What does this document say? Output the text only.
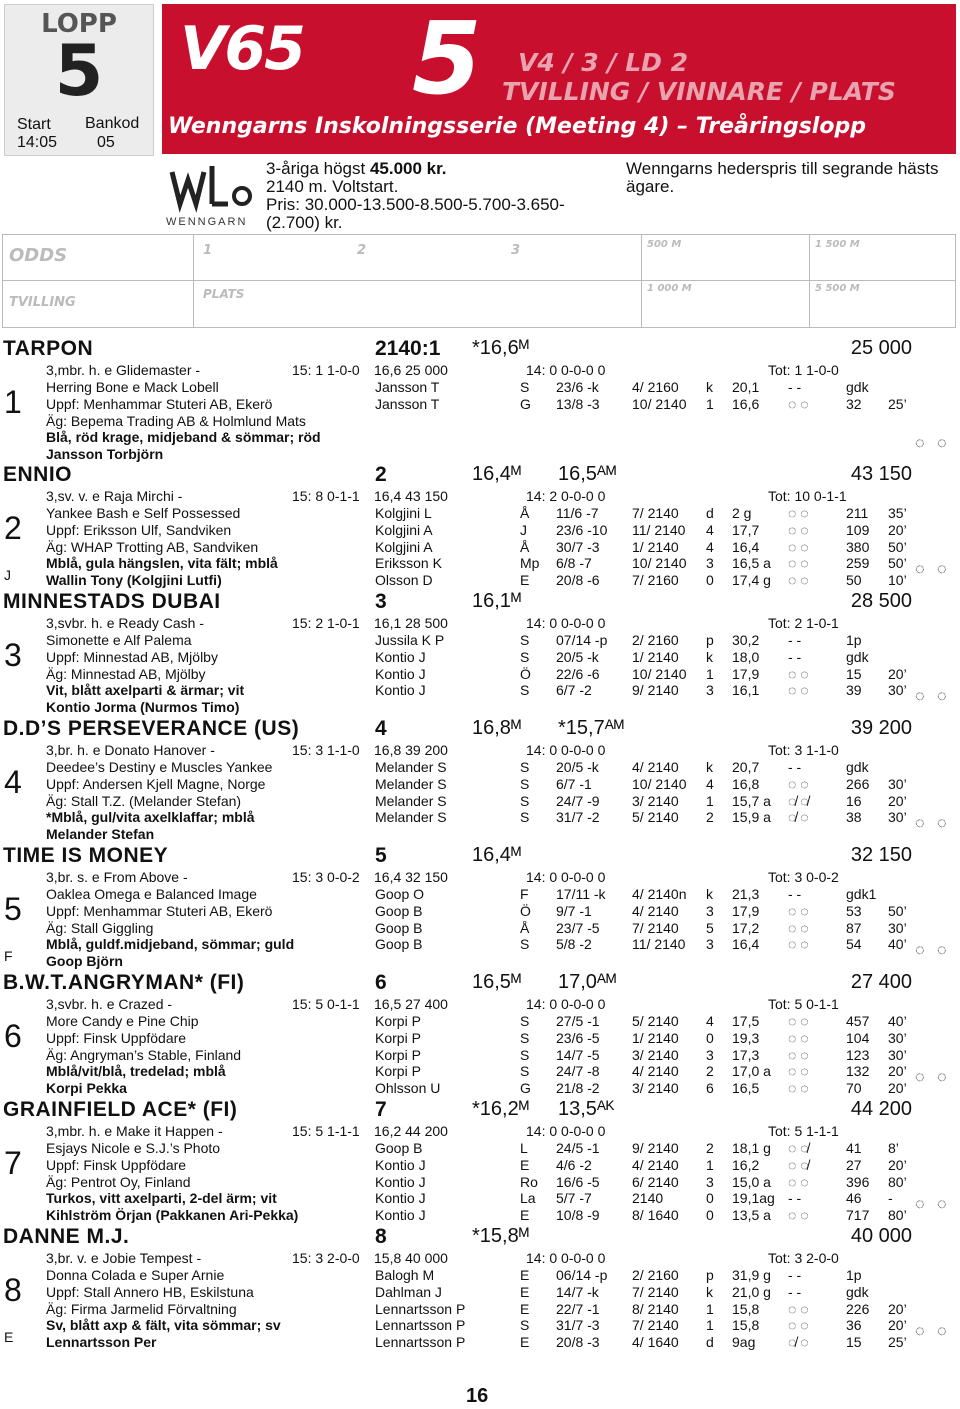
LOPP
5
Start
14:05
Bankod
05
V65 5 V4 / 3 / LD 2
TVILLING / VINNARE / PLATS
Wenngarns Inskolningsserie (Meeting 4) – Treåringslopp
WENNGARN
3-åriga högst 45.000 kr.
2140 m. Voltstart.
Pris: 30.000-13.500-8.500-5.700-3.650-
(2.700) kr.
Wenngarns hederspris till segrande hästs ägare.
ODDS	1	2	3	500 M	1 500 M
TVILLING
PLATS	1 000 M	5 500 M
TARPON	2140:1 *16,6ᴹ	25 000
3,mbr. h. e Glidemaster -	15: 1 1-0-0 16,6 25 000	14: 0 0-0-0 0	Tot: 1 1-0-0
1 Herring Bone e Mack Lobell
Uppf: Menhammar Stuteri AB, Ekerö
Äg: Bepema Trading AB & Holmlund Mats
Blå, röd krage, midjeband & sömmar; röd
Jansson Torbjörn
Jansson T	S 23/6 -k 4/ 2160 k 20,1 - -	gdk
Jansson T	G 13/8 -3 10/ 2140 1 16,6 ◌ ◌	32 25’
◌ ◌
ENNIO	2	16,4ᴹ 16,5ᴬᴹ	43 150
3,sv. v. e Raja Mirchi -	15: 8 0-1-1 16,4 43 150	14: 2 0-0-0 0	Tot: 10 0-1-1
2
J
Yankee Bash e Self Possessed
Uppf: Eriksson Ulf, Sandviken
Äg: WHAP Trotting AB, Sandviken
Mblå, gula hängslen, vita fält; mblå
Wallin Tony (Kolgjini Lutfi)
Kolgjini L	Å 11/6 -7 7/ 2140 d 2 g	◌ ◌	211 35’
Kolgjini A	J 23/6 -10 11/ 2140 4 17,7 ◌ ◌	109 20’
Kolgjini A	Å 30/7 -3 1/ 2140 4 16,4 ◌ ◌	380 50’
Eriksson K	Mp 6/8 -7	10/ 2140 3 16,5 a ◌ ◌	259 50’
Olsson D	E 20/8 -6 7/ 2160 0 17,4 g ◌ ◌	50 10’
◌ ◌
MINNESTADS DUBAI	3	16,1ᴹ	28 500
3,svbr. h. e Ready Cash -	15: 2 1-0-1 16,1 28 500	14: 0 0-0-0 0	Tot: 2 1-0-1
3 Simonette e Alf Palema
Uppf: Minnestad AB, Mjölby
Äg: Minnestad AB, Mjölby
Vit, blått axelparti & ärmar; vit
Kontio Jorma (Nurmos Timo)
Jussila K P	S 07/14 -p 2/ 2160 p 30,2 - -	1p
Kontio J	S 20/5 -k 1/ 2140 k 18,0 - -	gdk
Kontio J	Ö 22/6 -6 10/ 2140 1 17,9 ◌ ◌	15 20’
Kontio J	S 6/7 -2	9/ 2140 3 16,1 ◌ ◌	39 30’ ◌ ◌
D.D’S PERSEVERANCE (US)	4	16,8ᴹ *15,7ᴬᴹ	39 200
3,br. h. e Donato Hanover -	15: 3 1-1-0 16,8 39 200	14: 0 0-0-0 0	Tot: 3 1-1-0
4 Deedee’s Destiny e Muscles Yankee
Uppf: Andersen Kjell Magne, Norge
Äg: Stall T.Z. (Melander Stefan)
*Mblå, gul/vita axelklaffar; mblå
Melander Stefan
Melander S	S 20/5 -k 4/ 2140 k 20,7 - -	gdk
Melander S	S 6/7 -1	10/ 2140 4 16,8 ◌ ◌	266 30’
Melander S	S 24/7 -9 3/ 2140 1 15,7 a ◌̸ ◌̸	16 20’
Melander S	S 31/7 -2 5/ 2140 2 15,9 a ◌̸ ◌	38 30’ ◌ ◌
TIME IS MONEY	5	16,4ᴹ	32 150
3,br. s. e From Above -	15: 3 0-0-2 16,4 32 150	14: 0 0-0-0 0	Tot: 3 0-0-2
5
F
Oaklea Omega e Balanced Image
Uppf: Menhammar Stuteri AB, Ekerö
Äg: Stall Giggling
Mblå, guldf.midjeband, sömmar; guld
Goop Björn
Goop O	F 17/11 -k 4/ 2140n k 21,3 - -	gdk1
Goop B	Ö 9/7 -1	4/ 2140 3 17,9 ◌ ◌	53 50’
Goop B	Å 23/7 -5 7/ 2140 5 17,2 ◌ ◌	87 30’
Goop B	S 5/8 -2	11/ 2140 3 16,4 ◌ ◌	54 40’ ◌ ◌
B.W.T.ANGRYMAN* (FI)	6	16,5ᴹ 17,0ᴬᴹ	27 400
3,svbr. h. e Crazed -	15: 5 0-1-1 16,5 27 400	14: 0 0-0-0 0	Tot: 5 0-1-1
6 More Candy e Pine Chip
Uppf: Finsk Uppfödare
Äg: Angryman’s Stable, Finland
Mblå/vit/blå, tredelad; mblå
Korpi Pekka
Korpi P	S 27/5 -1 5/ 2140 4 17,5 ◌ ◌	457 40’
Korpi P	S 23/6 -5 1/ 2140 0 19,3 ◌ ◌	104 30’
Korpi P	S 14/7 -5 3/ 2140 3 17,3 ◌ ◌	123 30’
Korpi P	S 24/7 -8 4/ 2140 2 17,0 a ◌ ◌	132 20’
Ohlsson U	G 21/8 -2 3/ 2140 6 16,5 ◌ ◌	70 20’
◌ ◌
GRAINFIELD ACE* (FI)	7	*16,2ᴹ 13,5ᴬᴷ	44 200
3,mbr. h. e Make it Happen -	15: 5 1-1-1 16,2 44 200	14: 0 0-0-0 0	Tot: 5 1-1-1
7 Esjays Nicole e S.J.’s Photo
Uppf: Finsk Uppfödare
Äg: Pentrot Oy, Finland
Turkos, vitt axelparti, 2-del ärm; vit
Kihlström Örjan (Pakkanen Ari-Pekka)
Goop B	L 24/5 -1 9/ 2140 2 18,1 g ◌ ◌̸	41 8’
Kontio J	E 4/6 -2	4/ 2140 1 16,2 ◌ ◌̸	27 20’
Kontio J	Ro 16/6 -5 6/ 2140 3 15,0 a ◌ ◌	396 80’
Kontio J	La 5/7 -7	2140	0 19,1ag - -	46 -
Kontio J	E 10/8 -9 8/ 1640 0 13,5 a ◌ ◌	717 80’
◌ ◌
DANNE M.J.	8	*15,8ᴹ	40 000
3,br. v. e Jobie Tempest -	15: 3 2-0-0 15,8 40 000	14: 0 0-0-0 0	Tot: 3 2-0-0
8
E
Donna Colada e Super Arnie
Uppf: Stall Annero HB, Eskilstuna
Äg: Firma Jarmelid Förvaltning
Sv, blått axp & fält, vita sömmar; sv
Lennartsson Per
Balogh M	E 06/14 -p 2/ 2160 p 31,9 g - -	1p
Dahlman J	E 14/7 -k 7/ 2140 k 21,0 g - -	gdk
Lennartsson P	E 22/7 -1 8/ 2140 1 15,8 ◌ ◌	226 20’
Lennartsson P	S 31/7 -3 7/ 2140 1 15,8 ◌ ◌	36 20’
Lennartsson P	E 20/8 -3 4/ 1640 d 9ag ◌̸ ◌	15 25’
◌ ◌
16
